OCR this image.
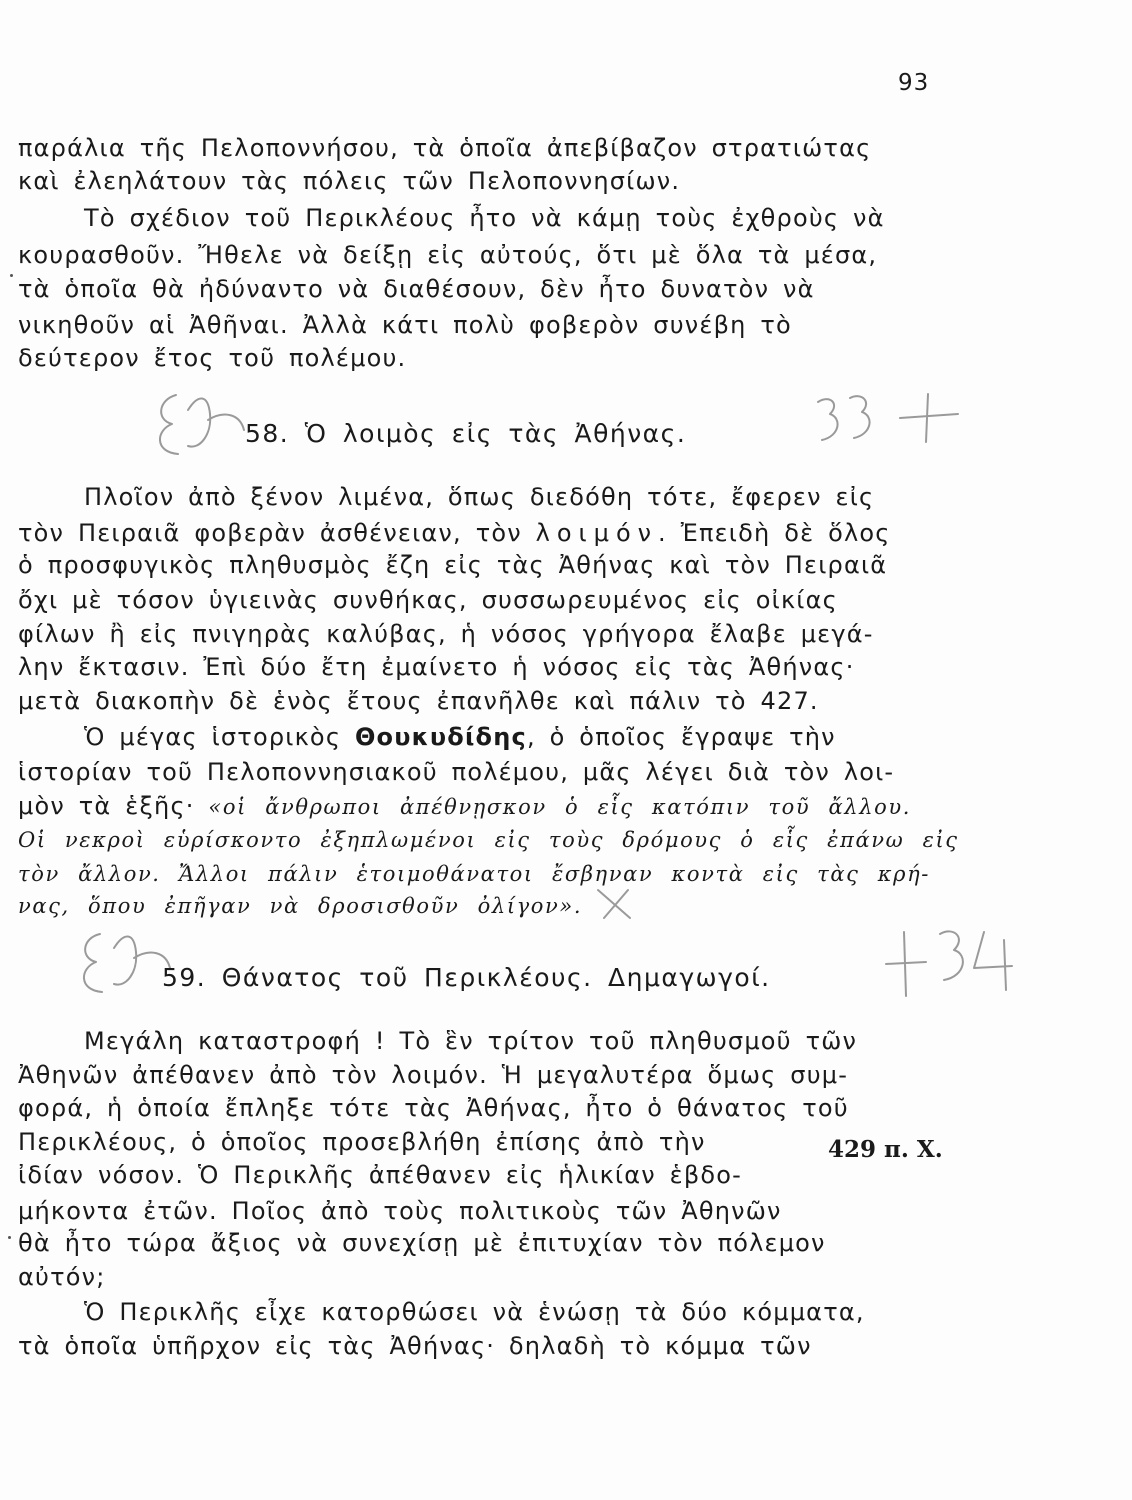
93
παράλια τῆς Πελοποννήσου, τὰ ὁποῖα ἀπεβίβαζον στρατιώτας
καὶ ἐλεηλάτουν τὰς πόλεις τῶν Πελοποννησίων.
Τὸ σχέδιον τοῦ Περικλέους ἦτο νὰ κάμῃ τοὺς ἐχθροὺς νὰ
κουρασθοῦν. Ἤθελε νὰ δείξῃ εἰς αὐτούς, ὅτι μὲ ὅλα τὰ μέσα,
τὰ ὁποῖα θὰ ἠδύναντο νὰ διαθέσουν, δὲν ἦτο δυνατὸν νὰ
νικηθοῦν αἱ Ἀθῆναι. Ἀλλὰ κάτι πολὺ φοβερὸν συνέβη τὸ
δεύτερον ἔτος τοῦ πολέμου.
58. Ὁ λοιμὸς εἰς τὰς Ἀθήνας.
Πλοῖον ἀπὸ ξένον λιμένα, ὅπως διεδόθη τότε, ἔφερεν εἰς
τὸν Πειραιᾶ φοβερὰν ἀσθένειαν, τὸν λοιμόν. Ἐπειδὴ δὲ ὅλος
ὁ προσφυγικὸς πληθυσμὸς ἔζη εἰς τὰς Ἀθήνας καὶ τὸν Πειραιᾶ
ὄχι μὲ τόσον ὑγιεινὰς συνθήκας, συσσωρευμένος εἰς οἰκίας
φίλων ἢ εἰς πνιγηρὰς καλύβας, ἡ νόσος γρήγορα ἔλαβε μεγά-
λην ἔκτασιν. Ἐπὶ δύο ἔτη ἐμαίνετο ἡ νόσος εἰς τὰς Ἀθήνας·
μετὰ διακοπὴν δὲ ἑνὸς ἔτους ἐπανῆλθε καὶ πάλιν τὸ 427.
Ὁ μέγας ἱστορικὸς Θουκυδίδης, ὁ ὁποῖος ἔγραψε τὴν
ἱστορίαν τοῦ Πελοποννησιακοῦ πολέμου, μᾶς λέγει διὰ τὸν λοι-
μὸν τὰ ἑξῆς· «οἱ ἄνθρωποι ἀπέθνῃσκον ὁ εἷς κατόπιν τοῦ ἄλλου.
Οἱ νεκροὶ εὑρίσκοντο ἐξηπλωμένοι εἰς τοὺς δρόμους ὁ εἷς ἐπάνω εἰς
τὸν ἄλλον. Ἄλλοι πάλιν ἑτοιμοθάνατοι ἔσβηναν κοντὰ εἰς τὰς κρή-
νας, ὅπου ἐπῆγαν νὰ δροσισθοῦν ὀλίγον».
59. Θάνατος τοῦ Περικλέους. Δημαγωγοί.
Μεγάλη καταστροφή ! Τὸ ἓν τρίτον τοῦ πληθυσμοῦ τῶν
Ἀθηνῶν ἀπέθανεν ἀπὸ τὸν λοιμόν. Ἡ μεγαλυτέρα ὅμως συμ-
φορά, ἡ ὁποία ἔπληξε τότε τὰς Ἀθήνας, ἦτο ὁ θάνατος τοῦ
Περικλέους, ὁ ὁποῖος προσεβλήθη ἐπίσης ἀπὸ τὴν	429 π. Χ.
ἰδίαν νόσον. Ὁ Περικλῆς ἀπέθανεν εἰς ἡλικίαν ἑβδο-
μήκοντα ἐτῶν. Ποῖος ἀπὸ τοὺς πολιτικοὺς τῶν Ἀθηνῶν
θὰ ἦτο τώρα ἄξιος νὰ συνεχίσῃ μὲ ἐπιτυχίαν τὸν πόλεμον
αὐτόν;
Ὁ Περικλῆς εἶχε κατορθώσει νὰ ἑνώσῃ τὰ δύο κόμματα,
τὰ ὁποῖα ὑπῆρχον εἰς τὰς Ἀθήνας· δηλαδὴ τὸ κόμμα τῶν
